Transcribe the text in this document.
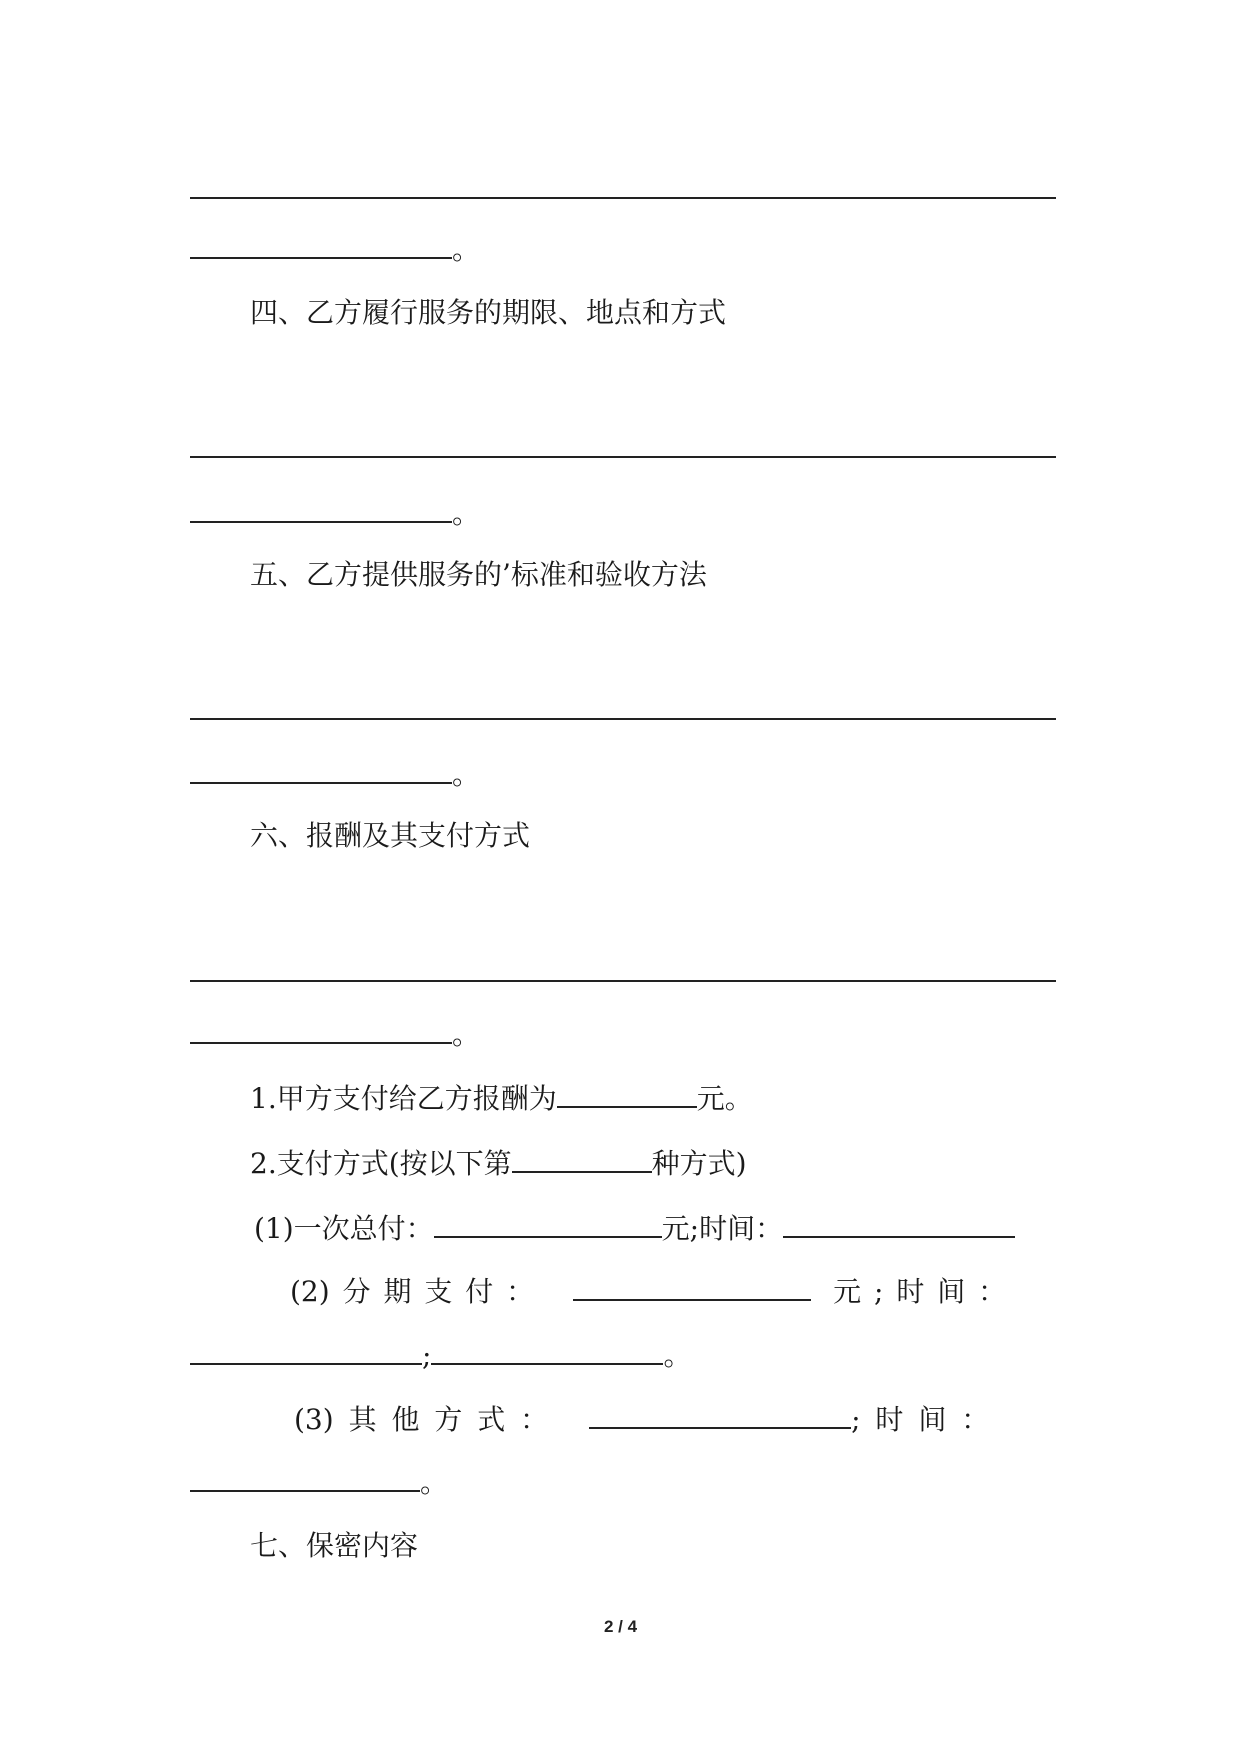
。
四、乙方履行服务的期限、地点和方式
。
五、乙方提供服务的’标准和验收方法
。
六、报酬及其支付方式
。
1.甲方支付给乙方报酬为	元。
2.支付方式(按以下第	种方式)
(1)一次总付：	元;时间：
(2) 分 期 支 付 ：	元 ; 时 间 ：
;	。
(3) 其 他 方 式 ：	; 时 间 ：
。
七、保密内容
2 / 4
